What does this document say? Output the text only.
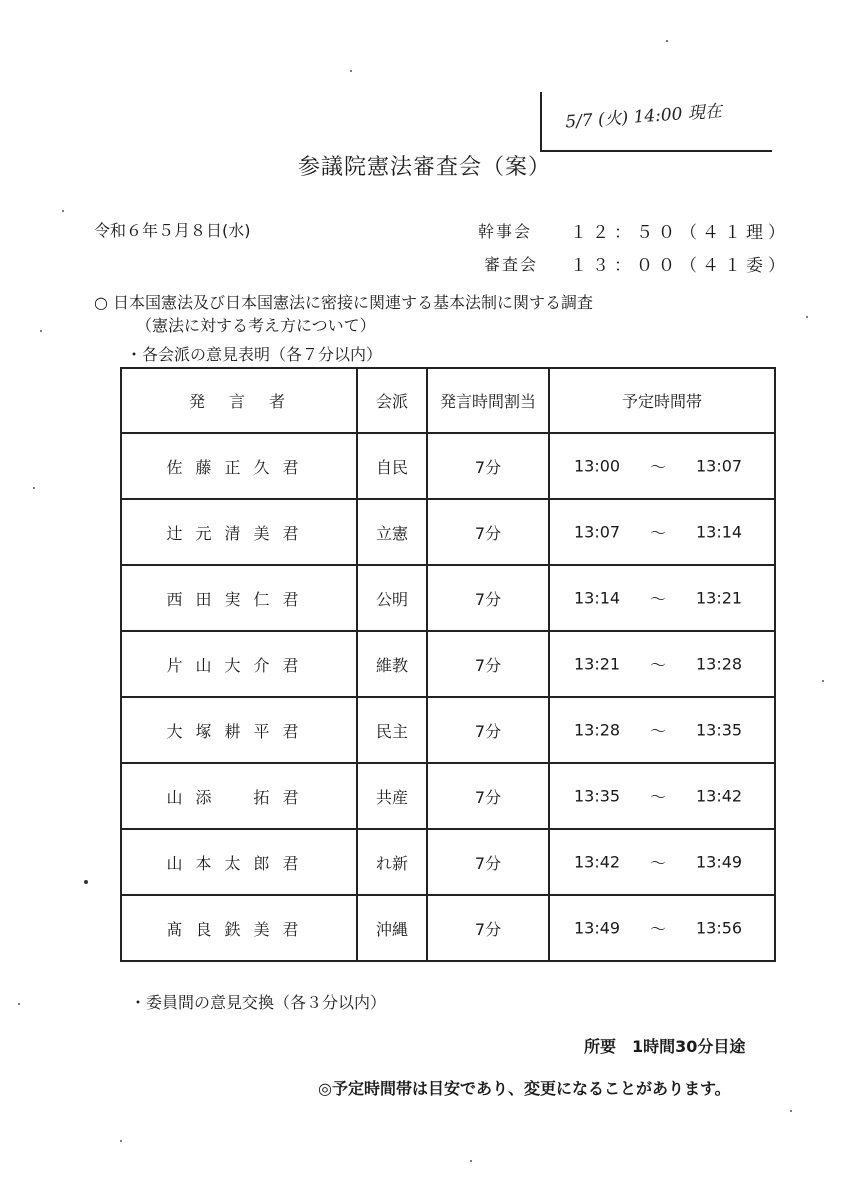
5/7 (火) 14:00 現在
参議院憲法審査会（案）
令和６年５月８日(水)	幹事会 １２：５０（４１理）
審査会 １３：００（４１委）
○ 日本国憲法及び日本国憲法に密接に関連する基本法制に関する調査
（憲法に対する考え方について）
・各会派の意見表明（各７分以内）
発　言　者	会派	発言時間割当	予定時間帯
佐藤正久君	自民	7分	13:00 ～ 13:07

辻元清美君	立憲	7分	13:07 ～ 13:14

西田実仁君	公明	7分	13:14 ～ 13:21

片山大介君	維教	7分	13:21 ～ 13:28

大塚耕平君	民主	7分	13:28 ～ 13:35

山添　拓君	共産	7分	13:35 ～ 13:42

山本太郎君	れ新	7分	13:42 ～ 13:49

髙良鉄美君	沖縄	7分	13:49 ～ 13:56
・委員間の意見交換（各３分以内）
所要　1時間30分目途
◎予定時間帯は目安であり、変更になることがあります。
